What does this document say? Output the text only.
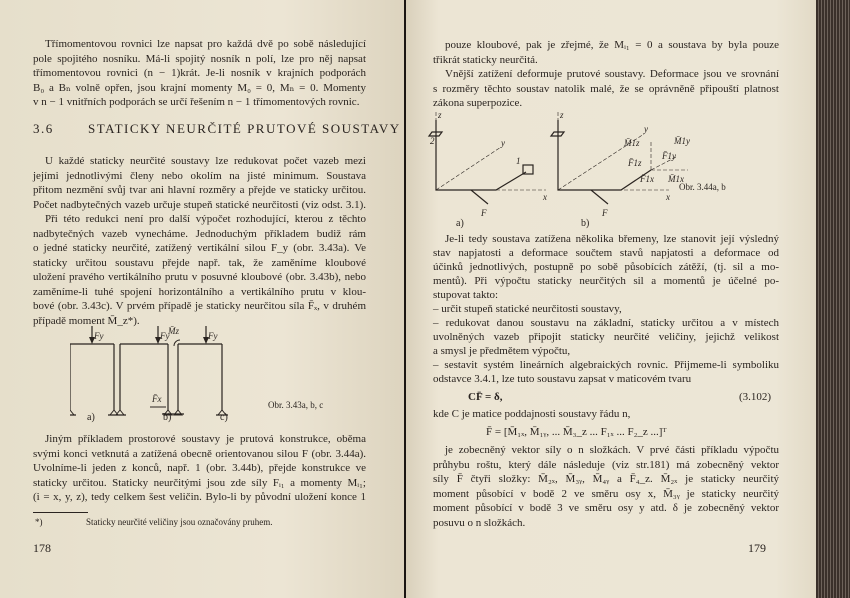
Třímomentovou rovnici lze napsat pro každá dvě po sobě následující
pole spojitého nosníku. Má-li spojitý nosník n polí, lze pro něj napsat
třímomentovou rovnici (n − 1)krát. Je-li nosník v krajních podporách
B₀ a Bₙ volně opřen, jsou krajní momenty M₀ = 0, Mₙ = 0. Momenty
v n − 1 vnitřních podporách se určí řešením n − 1 třímomentových rovnic.
3.6	STATICKY NEURČITÉ PRUTOVÉ SOUSTAVY
U každé staticky neurčité soustavy lze redukovat počet vazeb mezi
jejími jednotlivými členy nebo okolím na jisté minimum. Soustava
přitom nezmění svůj tvar ani hlavní rozměry a přejde ve staticky určitou.
Počet nadbytečných vazeb určuje stupeň statické neurčitosti (viz odst. 3.1).
Při této redukci není pro další výpočet rozhodující, kterou z těchto
nadbytečných vazeb vynecháme. Jednoduchým příkladem budiž rám
o jedné staticky neurčité, zatížený vertikální silou F_y (obr. 3.43a). Ve
staticky určitou soustavu přejde např. tak, že zaměníme kloubové
uložení pravého vertikálního prutu v posuvné kloubové (obr. 3.43b), nebo
zaměníme-li tuhé spojení horizontálního a vertikálního prutu v klou-
bové (obr. 3.43c). V prvém případě je staticky neurčitou síla F̄ₓ, v druhém
případě moment M̄_z*).
Fy	Fy	Fy
F̄x
M̄z
a)	b)	c)
Obr. 3.43a, b, c
Jiným příkladem prostorové soustavy je prutová konstrukce, oběma
svými konci vetknutá a zatížená obecně orientovanou silou F (obr. 3.44a).
Uvolníme-li jeden z konců, např. 1 (obr. 3.44b), přejde konstrukce ve
staticky určitou. Staticky neurčitými jsou zde síly Fᵢ₁ a momenty Mᵢ₁;
(i = x, y, z), tedy celkem šest veličin. Bylo-li by původní uložení konce 1
*)	Staticky neurčité veličiny jsou označovány pruhem.
178
pouze kloubové, pak je zřejmé, že Mᵢ₁ = 0 a soustava by byla pouze
třikrát staticky neurčitá.
Vnější zatížení deformuje prutové soustavy. Deformace jsou ve srovnání
s rozměry těchto soustav natolik malé, že se oprávněně připouští platnost
zákona superpozice.
z
y
x
2
1
F
z
y
x
F
M̄1z	M̄1y
F̄1y
F̄1z
F̄1x M̄1x
a)	b)
Obr. 3.44a, b
Je-li tedy soustava zatížena několika břemeny, lze stanovit její výsledný
stav napjatosti a deformace součtem stavů napjatosti a deformace od
účinků jednotlivých, postupně po sobě působících zátěží, (tj. sil a mo-
mentů). Při výpočtu staticky neurčitých sil a momentů je účelné po-
stupovat takto:
– určit stupeň statické neurčitosti soustavy,
– redukovat danou soustavu na základní, staticky určitou a v místech
uvolněných vazeb připojit staticky neurčité veličiny, jejichž velikost
a smysl je předmětem výpočtu,
– sestavit systém lineárních algebraických rovnic. Přijmeme-li symboliku
odstavce 3.4.1, lze tuto soustavu zapsat v maticovém tvaru
CF̄ = δ,	(3.102)
kde C je matice poddajnosti soustavy řádu n,
F̄ = [M̄₁ₓ, M̄₁ᵧ, ... M̄₃_z ... F₁ₓ ... F₂_z ...]ᵀ
je zobecněný vektor síly o n složkách. V prvé části příkladu výpočtu
průhybu roštu, který dále následuje (viz str.181) má zobecněný vektor
síly F̄ čtyři složky: M̄₂ₓ, M̄₃ᵧ, M̄₄ᵧ a F̄₄_z. M̄₂ₓ je staticky neurčitý
moment působící v bodě 2 ve směru osy x, M̄₃ᵧ je staticky neurčitý
moment působící v bodě 3 ve směru osy y atd. δ je zobecněný vektor
posuvu o n složkách.
179
